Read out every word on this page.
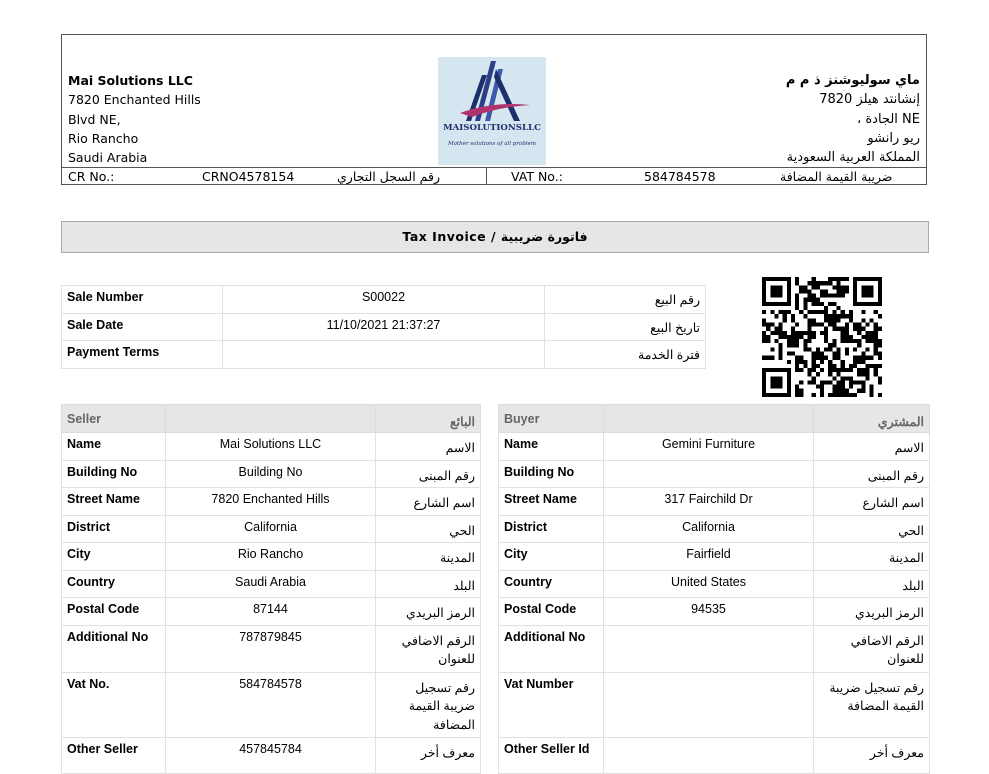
Mai Solutions LLC
7820 Enchanted Hills
Blvd NE,
Rio Rancho
Saudi Arabia
MAISOLUTIONSLLC
Mother solutions of all problem
ماي سوليوشنز ذ م م
إنشانتد هيلز 7820
NE الجادة ،
ريو رانشو
المملكة العربية السعودية
CR No.:	CRNO4578154	رقم السجل التجاري	VAT No.:	584784578	ضريبة القيمة المضافة
Tax Invoice / فاتورة ضريبية
Sale Number	S00022	رقم البيع
Sale Date	11/10/2021 21:37:27	تاريخ البيع
Payment Terms		فترة الخدمة
Seller		البائع
Name	Mai Solutions LLC	الاسم
Building No	Building No	رقم المبنى
Street Name	7820 Enchanted Hills	اسم الشارع
District	California	الحي
City	Rio Rancho	المدينة
Country	Saudi Arabia	البلد
Postal Code	87144	الرمز البريدي
Additional No	787879845	الرقم الاضافي للعنوان
Vat No.	584784578	رقم تسجيل ضريبة القيمة المضافة
Other Seller	457845784	معرف أخر
Buyer		المشتري
Name	Gemini Furniture	الاسم
Building No		رقم المبنى
Street Name	317 Fairchild Dr	اسم الشارع
District	California	الحي
City	Fairfield	المدينة
Country	United States	البلد
Postal Code	94535	الرمز البريدي
Additional No		الرقم الاضافي للعنوان
Vat Number		رقم تسجيل ضريبة القيمة المضافة
Other Seller Id		معرف أخر
